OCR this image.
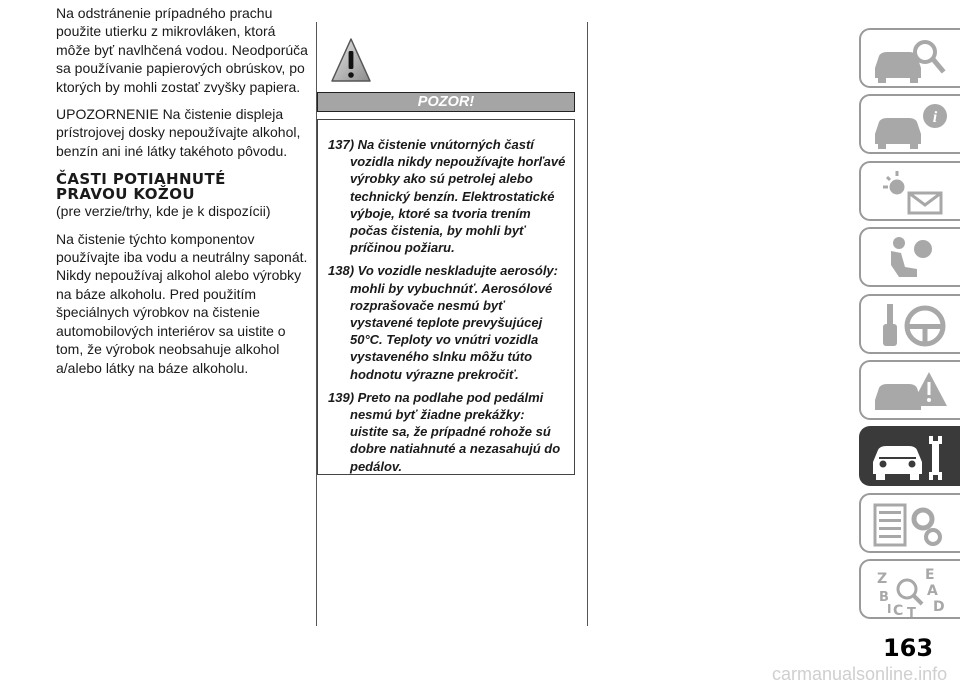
Na odstránenie prípadného prachu použite utierku z mikrovláken, ktorá môže byť navlhčená vodou. Neodporúča sa používanie papierových obrúskov, po ktorých by mohli zostať zvyšky papiera.

UPOZORNENIE Na čistenie displeja prístrojovej dosky nepoužívajte alkohol, benzín ani iné látky takéhoto pôvodu.

ČASTI POTIAHNUTÉ
PRAVOU KOŽOU
(pre verzie/trhy, kde je k dispozícii)

Na čistenie týchto komponentov používajte iba vodu a neutrálny saponát. Nikdy nepoužívaj alkohol alebo výrobky na báze alkoholu. Pred použitím špeciálnych výrobkov na čistenie automobilových interiérov sa uistite o tom, že výrobok neobsahuje alkohol a/alebo látky na báze alkoholu.

POZOR!

137) Na čistenie vnútorných častí vozidla nikdy nepoužívajte horľavé výrobky ako sú petrolej alebo technický benzín. Elektrostatické výboje, ktoré sa tvoria trením počas čistenia, by mohli byť príčinou požiaru.

138) Vo vozidle neskladujte aerosóly: mohli by vybuchnúť. Aerosólové rozprašovače nesmú byť vystavené teplote prevyšujúcej 50°C. Teploty vo vnútri vozidla vystaveného slnku môžu túto hodnotu výrazne prekročiť.

139) Preto na podlahe pod pedálmi nesmú byť žiadne prekážky: uistite sa, že prípadné rohože sú dobre natiahnuté a nezasahujú do pedálov.

i
Z	E
A
B
C D
T
I
163
carmanualsonline.info
